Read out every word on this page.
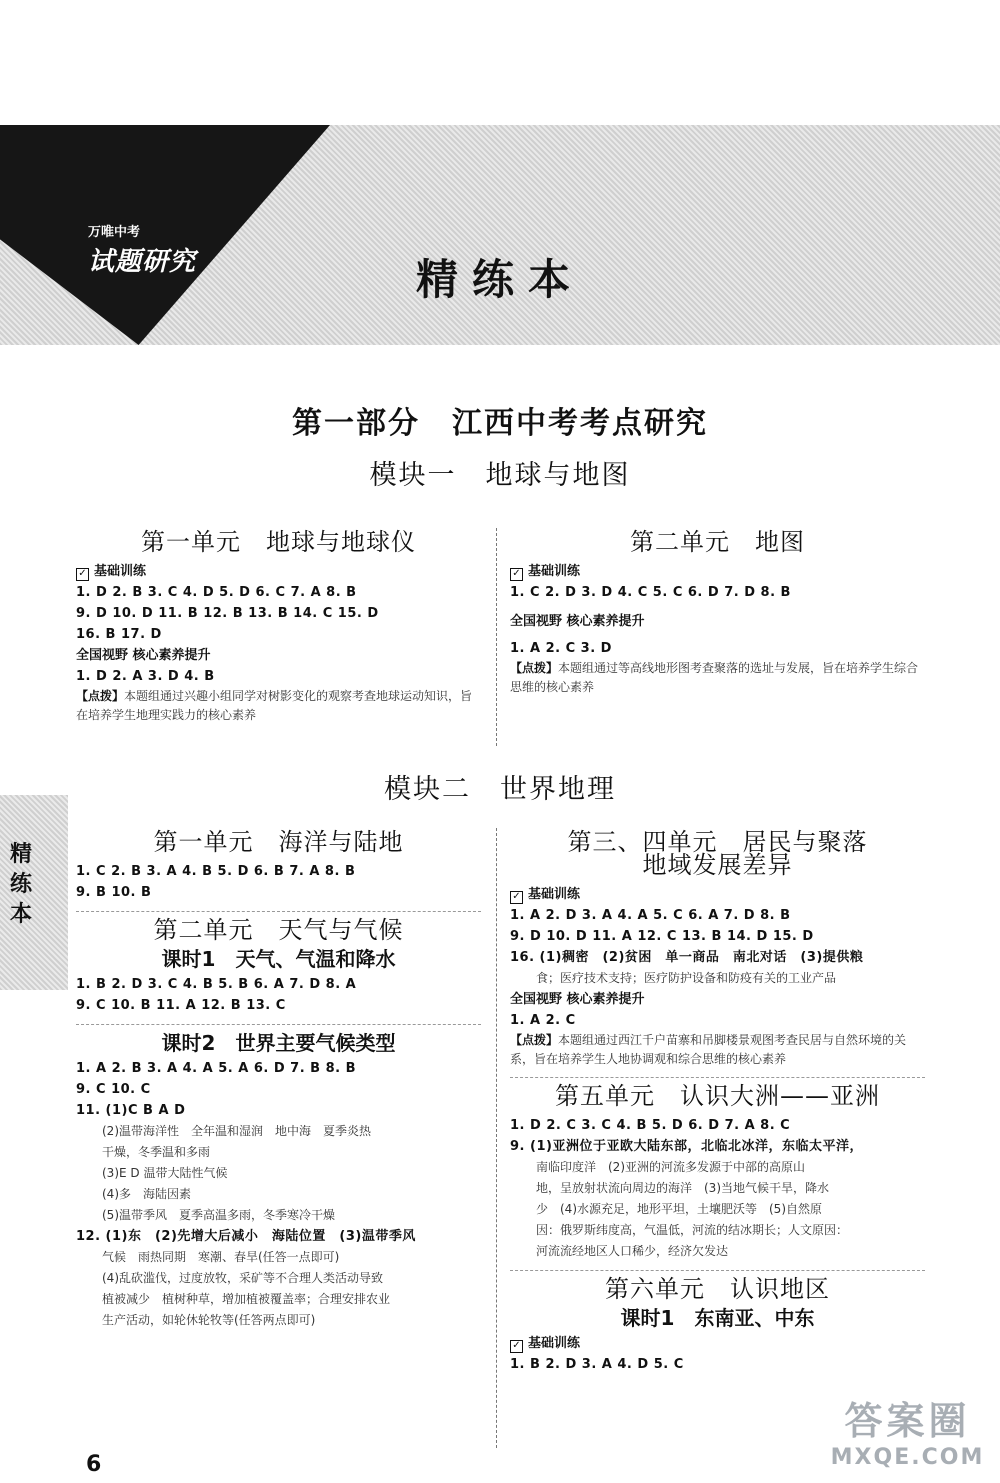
万唯中考
试题研究	精练本
第一部分　江西中考考点研究
模块一　地球与地图
第一单元　地球与地球仪
✓ 基础训练
1. D 2. B 3. C 4. D 5. D 6. C 7. A 8. B
9. D 10. D 11. B 12. B 13. B 14. C 15. D
16. B 17. D
全国视野 核心素养提升
1. D 2. A 3. D 4. B
【点拨】本题组通过兴趣小组同学对树影变化的观察考查地球运动知识，旨在培养学生地理实践力的核心素养
第二单元　地图
✓ 基础训练
1. C 2. D 3. D 4. C 5. C 6. D 7. D 8. B
全国视野 核心素养提升
1. A 2. C 3. D
【点拨】本题组通过等高线地形图考查聚落的选址与发展，旨在培养学生综合思维的核心素养
模块二　世界地理
精练本
第一单元　海洋与陆地
1. C 2. B 3. A 4. B 5. D 6. B 7. A 8. B
9. B 10. B
第二单元　天气与气候
课时1　天气、气温和降水
1. B 2. D 3. C 4. B 5. B 6. A 7. D 8. A
9. C 10. B 11. A 12. B 13. C
课时2　世界主要气候类型
1. A 2. B 3. A 4. A 5. A 6. D 7. B 8. B
9. C 10. C
11. (1)C B A D
(2)温带海洋性　全年温和湿润　地中海　夏季炎热
干燥，冬季温和多雨
(3)E D 温带大陆性气候
(4)多　海陆因素
(5)温带季风　夏季高温多雨，冬季寒冷干燥
12. (1)东　(2)先增大后减小　海陆位置　(3)温带季风
气候　雨热同期　寒潮、春旱(任答一点即可)
(4)乱砍滥伐，过度放牧，采矿等不合理人类活动导致
植被减少　植树种草，增加植被覆盖率；合理安排农业
生产活动，如轮休轮牧等(任答两点即可)
第三、四单元　居民与聚落
地域发展差异
✓ 基础训练
1. A 2. D 3. A 4. A 5. C 6. A 7. D 8. B
9. D 10. D 11. A 12. C 13. B 14. D 15. D
16. (1)稠密　(2)贫困　单一商品　南北对话　(3)提供粮
食；医疗技术支持；医疗防护设备和防疫有关的工业产品
全国视野 核心素养提升
1. A 2. C
【点拨】本题组通过西江千户苗寨和吊脚楼景观图考查民居与自然环境的关系，旨在培养学生人地协调观和综合思维的核心素养
第五单元　认识大洲——亚洲
1. D 2. C 3. C 4. B 5. D 6. D 7. A 8. C
9. (1)亚洲位于亚欧大陆东部，北临北冰洋，东临太平洋，
南临印度洋　(2)亚洲的河流多发源于中部的高原山
地，呈放射状流向周边的海洋　(3)当地气候干旱，降水
少　(4)水源充足，地形平坦，土壤肥沃等　(5)自然原
因：俄罗斯纬度高，气温低，河流的结冰期长；人文原因：
河流流经地区人口稀少，经济欠发达
第六单元　认识地区
课时1　东南亚、中东
✓ 基础训练
1. B 2. D 3. A 4. D 5. C
6
答案圈
MXQE.COM
